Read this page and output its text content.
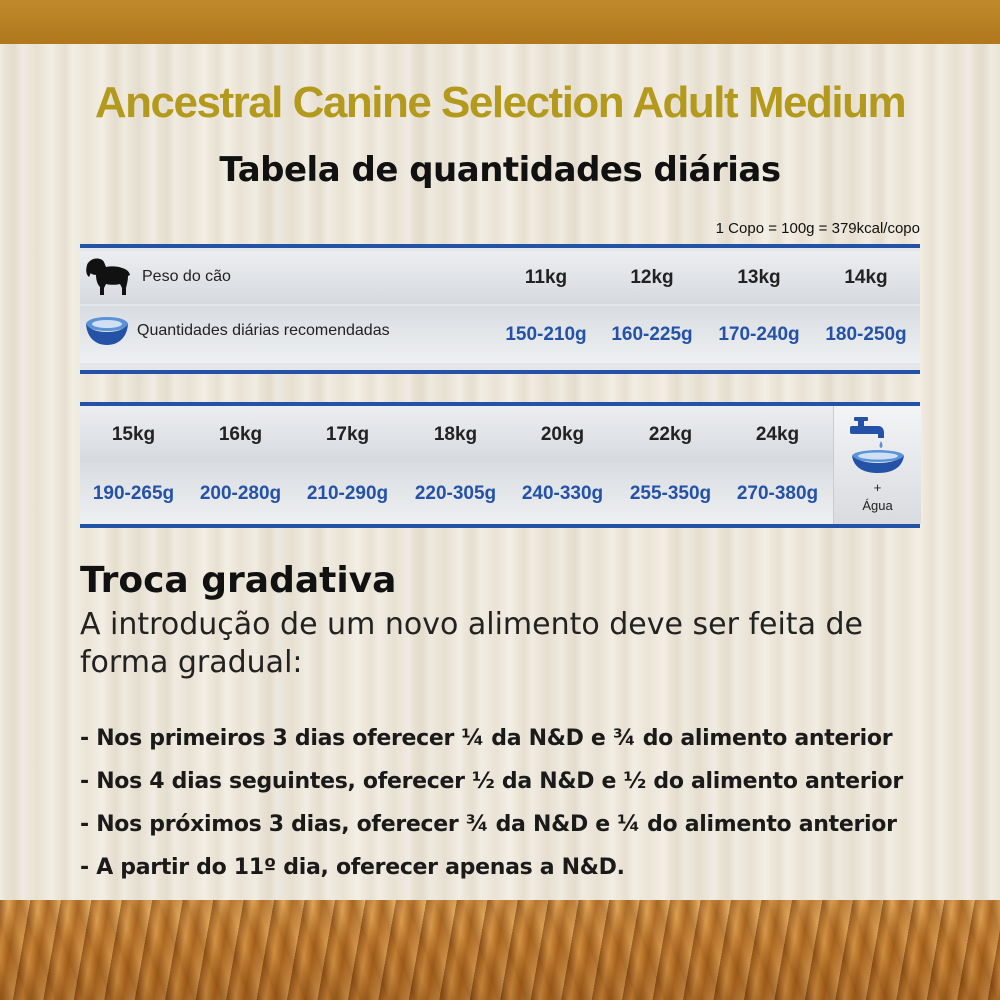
Ancestral Canine Selection Adult Medium
Tabela de quantidades diárias
1 Copo = 100g = 379kcal/copo
Peso do cão	11kg	12kg	13kg	14kg
Quantidades diárias recomendadas	150-210g	160-225g	170-240g	180-250g
15kg	16kg	17kg	18kg	20kg	22kg	24kg
190-265g	200-280g	210-290g	220-305g	240-330g	255-350g	270-380g	+
Água
Troca gradativa
A introdução de um novo alimento deve ser feita de forma gradual:
- Nos primeiros 3 dias oferecer ¼ da N&D e ¾ do alimento anterior
- Nos 4 dias seguintes, oferecer ½ da N&D e ½ do alimento anterior
- Nos próximos 3 dias, oferecer ¾ da N&D e ¼ do alimento anterior
- A partir do 11º dia, oferecer apenas a N&D.
